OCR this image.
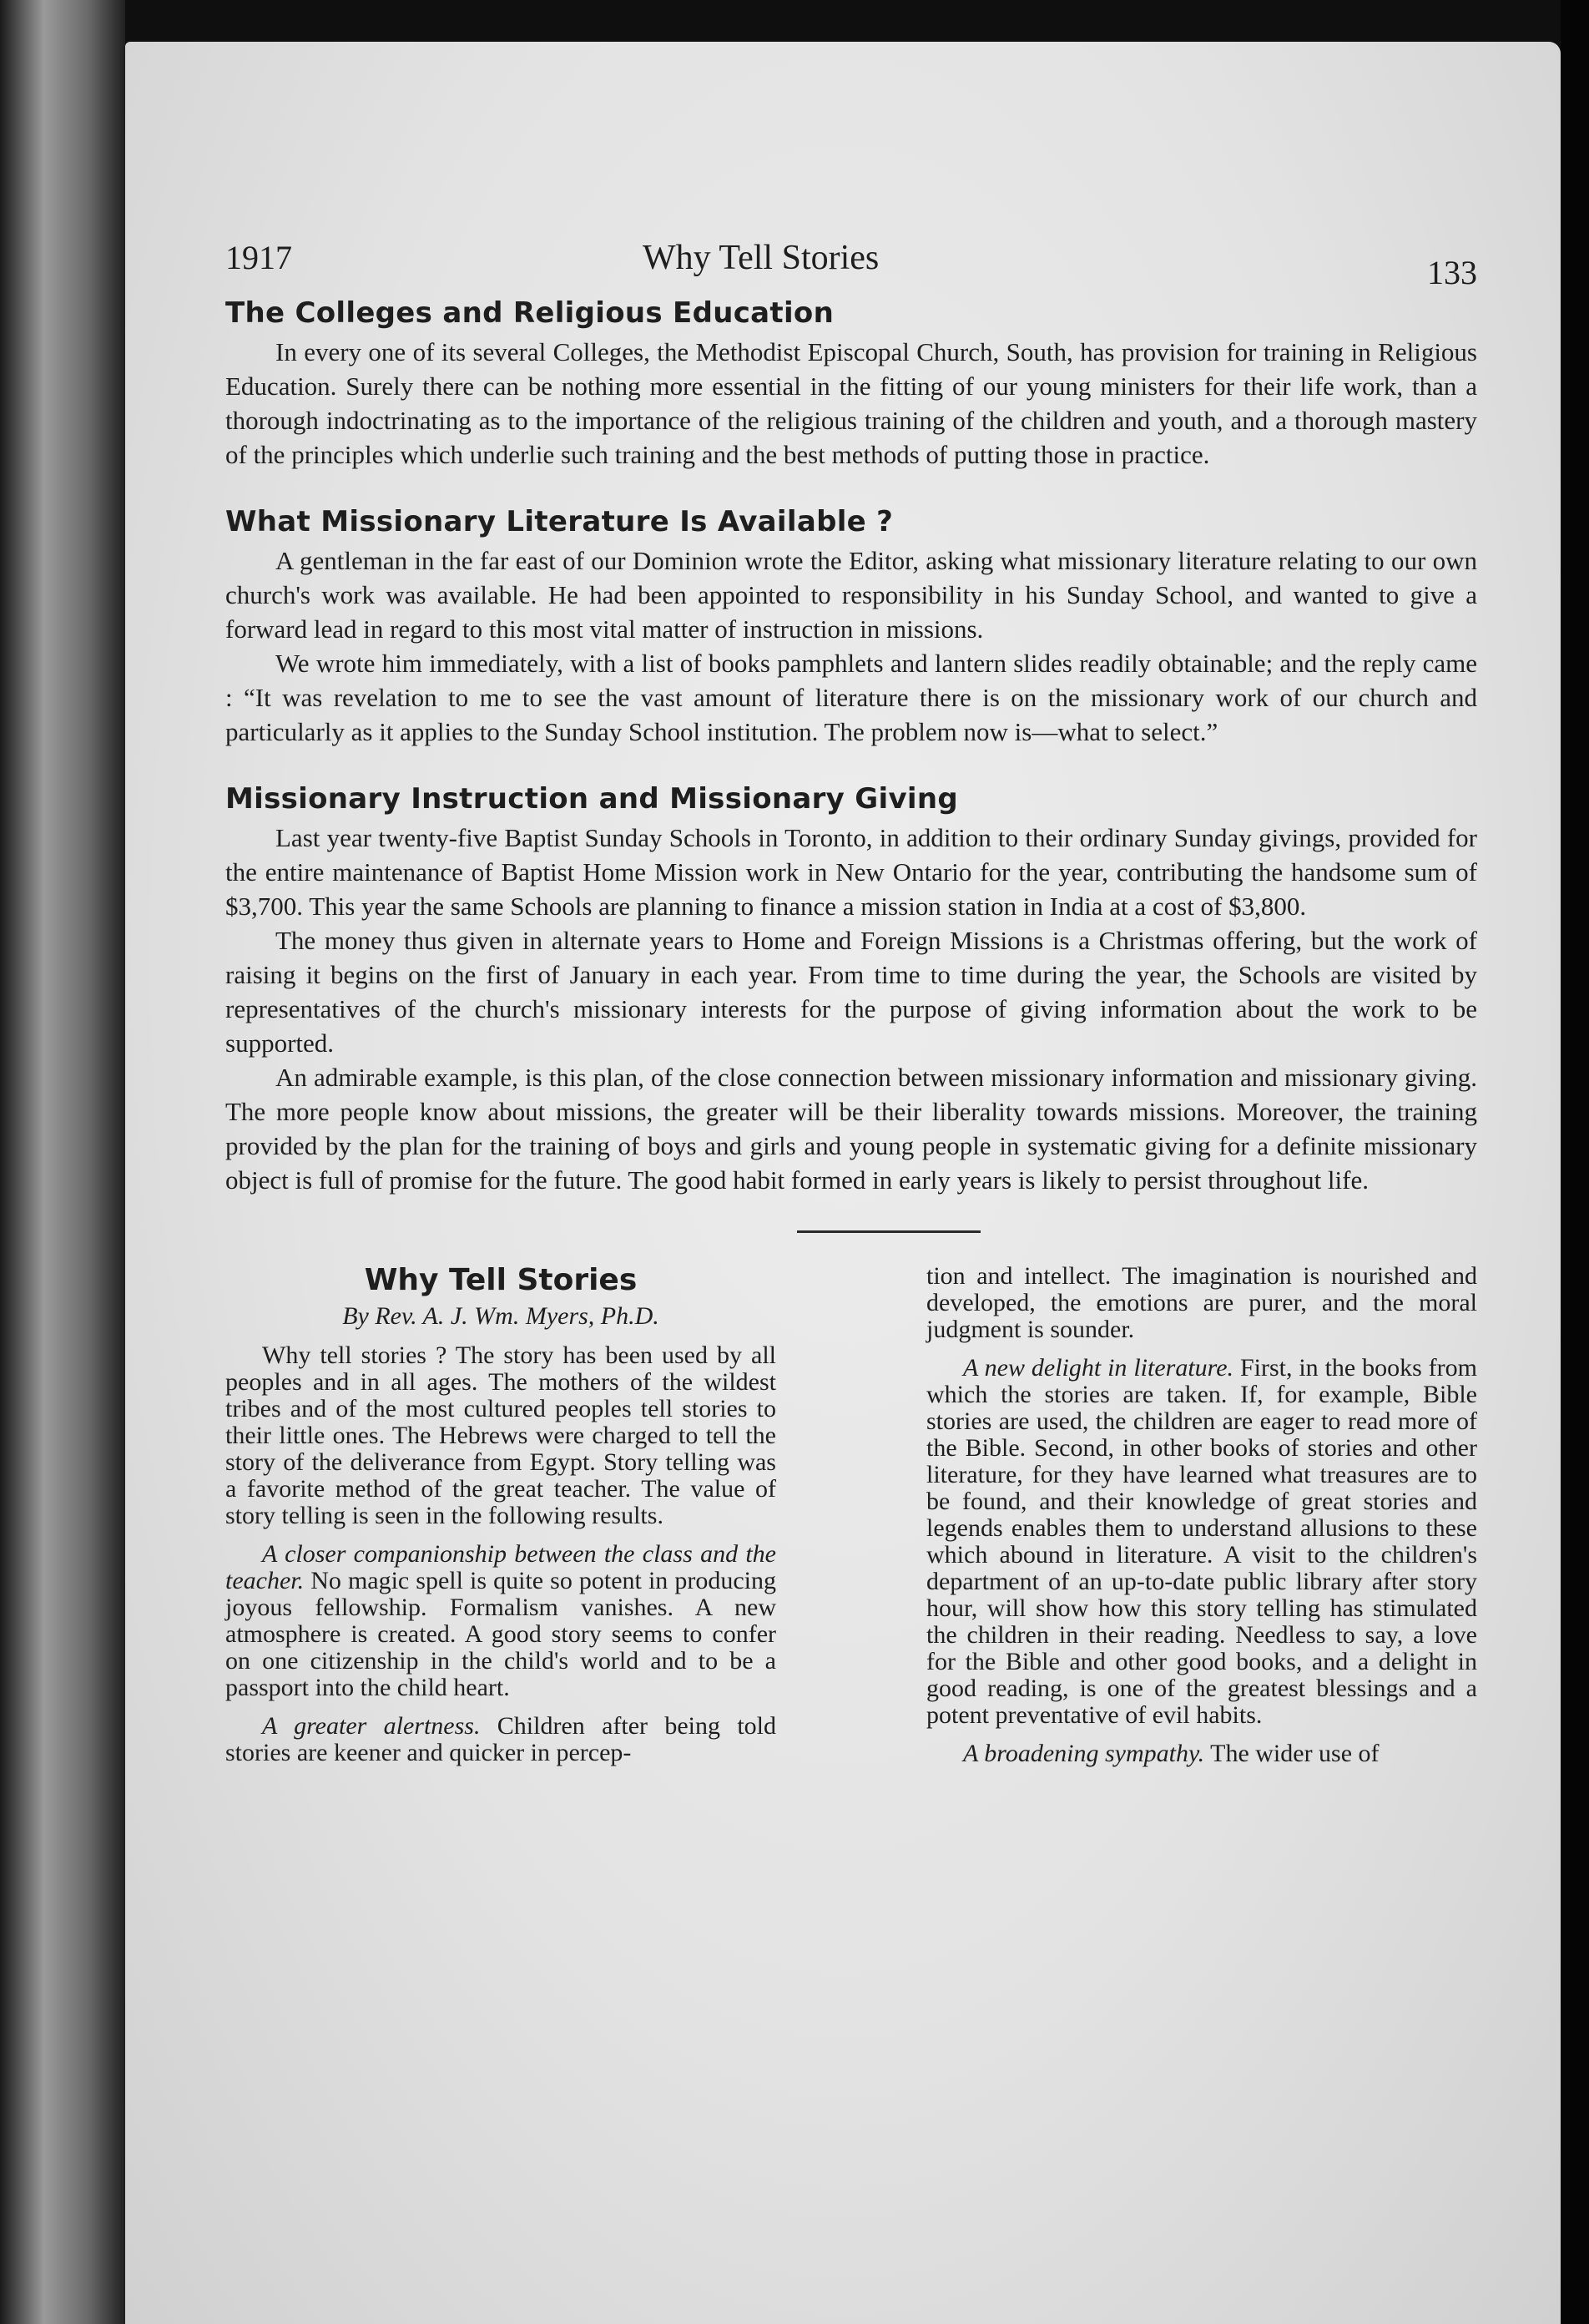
1917	Why Tell Stories	133
The Colleges and Religious Education

In every one of its several Colleges, the Methodist Episcopal Church, South, has provision for training in Religious Education. Surely there can be nothing more essential in the fitting of our young ministers for their life work, than a thorough indoctrinating as to the importance of the religious training of the children and youth, and a thorough mastery of the principles which underlie such training and the best methods of putting those in practice.

What Missionary Literature Is Available ?

A gentleman in the far east of our Dominion wrote the Editor, asking what missionary literature relating to our own church's work was available. He had been appointed to responsibility in his Sunday School, and wanted to give a forward lead in regard to this most vital matter of instruction in missions.

We wrote him immediately, with a list of books pamphlets and lantern slides readily obtainable; and the reply came : “It was revelation to me to see the vast amount of literature there is on the missionary work of our church and particularly as it applies to the Sunday School institution. The problem now is—what to select.”

Missionary Instruction and Missionary Giving

Last year twenty-five Baptist Sunday Schools in Toronto, in addition to their ordinary Sunday givings, provided for the entire maintenance of Baptist Home Mission work in New Ontario for the year, contributing the handsome sum of $3,700. This year the same Schools are planning to finance a mission station in India at a cost of $3,800.

The money thus given in alternate years to Home and Foreign Missions is a Christmas offering, but the work of raising it begins on the first of January in each year. From time to time during the year, the Schools are visited by representatives of the church's missionary interests for the purpose of giving information about the work to be supported.

An admirable example, is this plan, of the close connection between missionary information and missionary giving. The more people know about missions, the greater will be their liberality towards missions. Moreover, the training provided by the plan for the training of boys and girls and young people in systematic giving for a definite missionary object is full of promise for the future. The good habit formed in early years is likely to persist throughout life.

Why Tell Stories
By Rev. A. J. Wm. Myers, Ph.D.

Why tell stories ? The story has been used by all peoples and in all ages. The mothers of the wildest tribes and of the most cultured peoples tell stories to their little ones. The Hebrews were charged to tell the story of the deliverance from Egypt. Story telling was a favorite method of the great teacher. The value of story telling is seen in the following results.

A closer companionship between the class and the teacher. No magic spell is quite so potent in producing joyous fellowship. Formalism vanishes. A new atmosphere is created. A good story seems to confer on one citizenship in the child's world and to be a passport into the child heart.

A greater alertness. Children after being told stories are keener and quicker in percep-

tion and intellect. The imagination is nourished and developed, the emotions are purer, and the moral judgment is sounder.

A new delight in literature. First, in the books from which the stories are taken. If, for example, Bible stories are used, the children are eager to read more of the Bible. Second, in other books of stories and other literature, for they have learned what treasures are to be found, and their knowledge of great stories and legends enables them to understand allusions to these which abound in literature. A visit to the children's department of an up-to-date public library after story hour, will show how this story telling has stimulated the children in their reading. Needless to say, a love for the Bible and other good books, and a delight in good reading, is one of the greatest blessings and a potent preventative of evil habits.

A broadening sympathy. The wider use of
